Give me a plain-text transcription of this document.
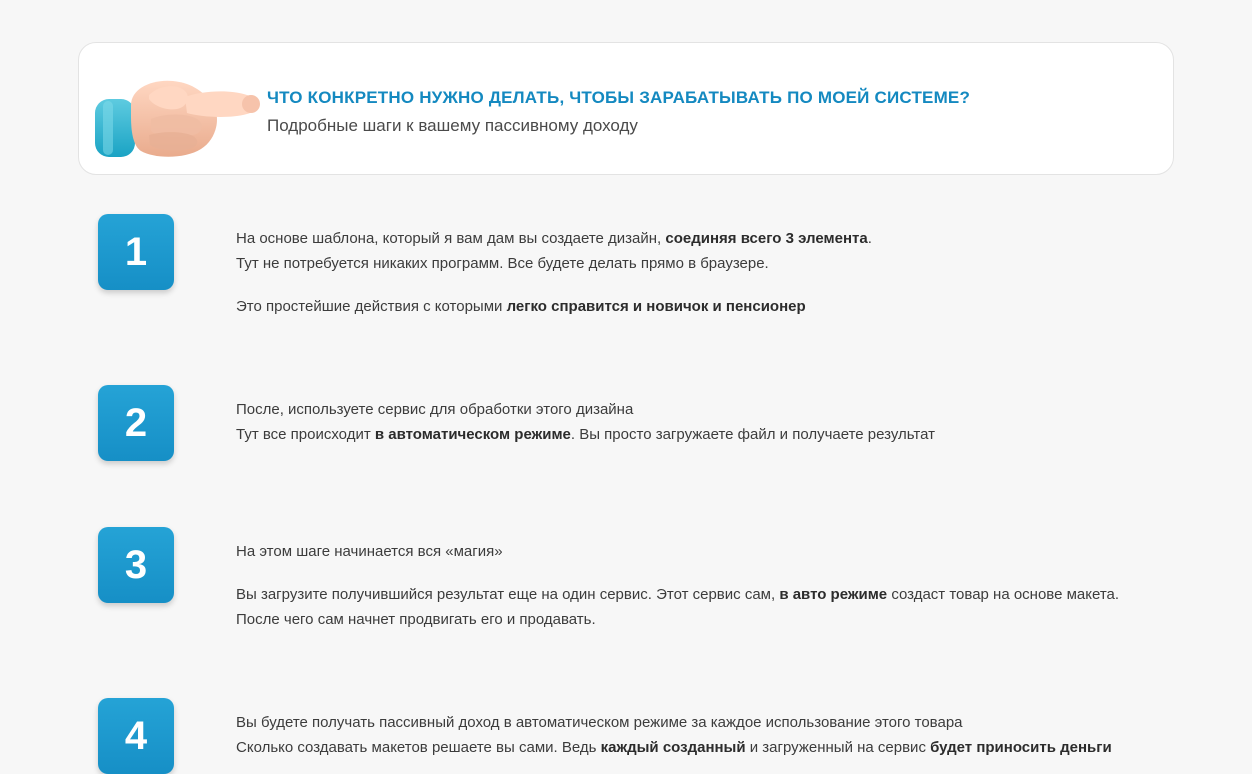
ЧТО КОНКРЕТНО НУЖНО ДЕЛАТЬ, ЧТОБЫ ЗАРАБАТЫВАТЬ ПО МОЕЙ СИСТЕМЕ?
Подробные шаги к вашему пассивному доходу
1	На основе шаблона, который я вам дам вы создаете дизайн, соединяя всего 3 элемента.

Тут не потребуется никаких программ. Все будете делать прямо в браузере.

Это простейшие действия с которыми легко справится и новичок и пенсионер

2	После, используете сервис для обработки этого дизайна

Тут все происходит в автоматическом режиме. Вы просто загружаете файл и получаете результат

3	На этом шаге начинается вся «магия»

Вы загрузите получившийся результат еще на один сервис. Этот сервис сам, в авто режиме создаст товар на основе макета.

После чего сам начнет продвигать его и продавать.

4	Вы будете получать пассивный доход в автоматическом режиме за каждое использование этого товара

Сколько создавать макетов решаете вы сами. Ведь каждый созданный и загруженный на сервис будет приносить деньги
